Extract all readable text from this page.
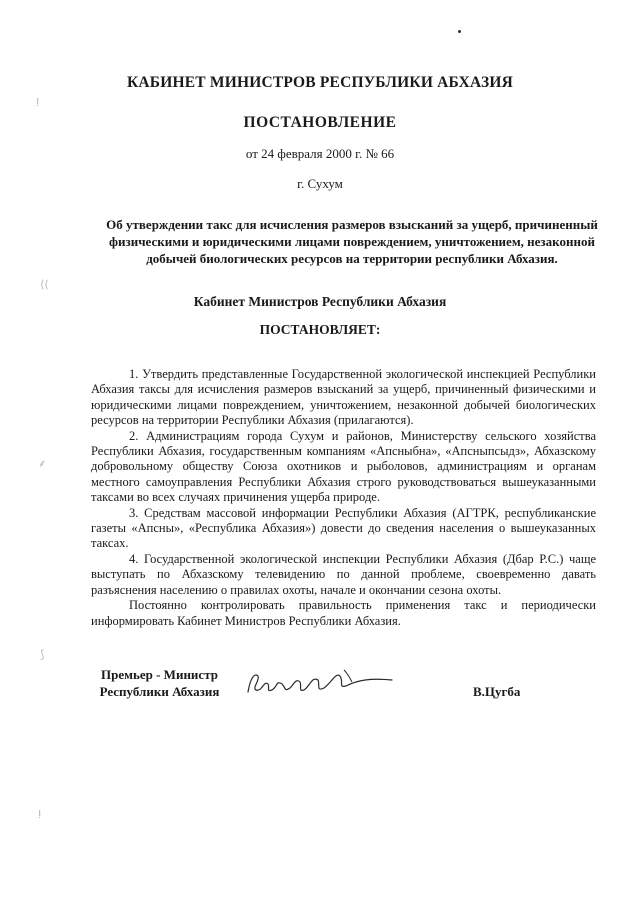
ⵑ
⟨⟨
⸙
⟆
ⵑ
КАБИНЕТ МИНИСТРОВ РЕСПУБЛИКИ АБХАЗИЯ
ПОСТАНОВЛЕНИЕ
от 24 февраля 2000 г. № 66
г. Сухум
Об утверждении такс для исчисления размеров взысканий за ущерб, причиненный физическими и юридическими лицами повреждением, уничтожением, незаконной добычей биологических ресурсов на территории республики Абхазия.
Кабинет Министров Республики Абхазия
ПОСТАНОВЛЯЕТ:

1. Утвердить представленные Государственной экологической инспекцией Республики Абхазия таксы для исчисления размеров взысканий за ущерб, причиненный физическими и юридическими лицами повреждением, уничтожением, незаконной добычей биологических ресурсов на территории Республики Абхазия (прилагаются).

2. Администрациям города Сухум и районов, Министерству сельского хозяйства Республики Абхазия, государственным компаниям «Апсныбна», «Апсныпсыдз», Абхазскому добровольному обществу Союза охотников и рыболовов, администрациям и органам местного самоуправления Республики Абхазия строго руководствоваться вышеуказанными таксами во всех случаях причинения ущерба природе.

3. Средствам массовой информации Республики Абхазия (АГТРК, республиканские газеты «Апсны», «Республика Абхазия») довести до сведения населения о вышеуказанных таксах.

4. Государственной экологической инспекции Республики Абхазия (Дбар Р.С.) чаще выступать по Абхазскому телевидению по данной проблеме, своевременно давать разъяснения населению о правилах охоты, начале и окончании сезона охоты.

Постоянно контролировать правильность применения такс и периодически информировать Кабинет Министров Республики Абхазия.

Премьер - Министр
Республики Абхазия	В.Цугба
